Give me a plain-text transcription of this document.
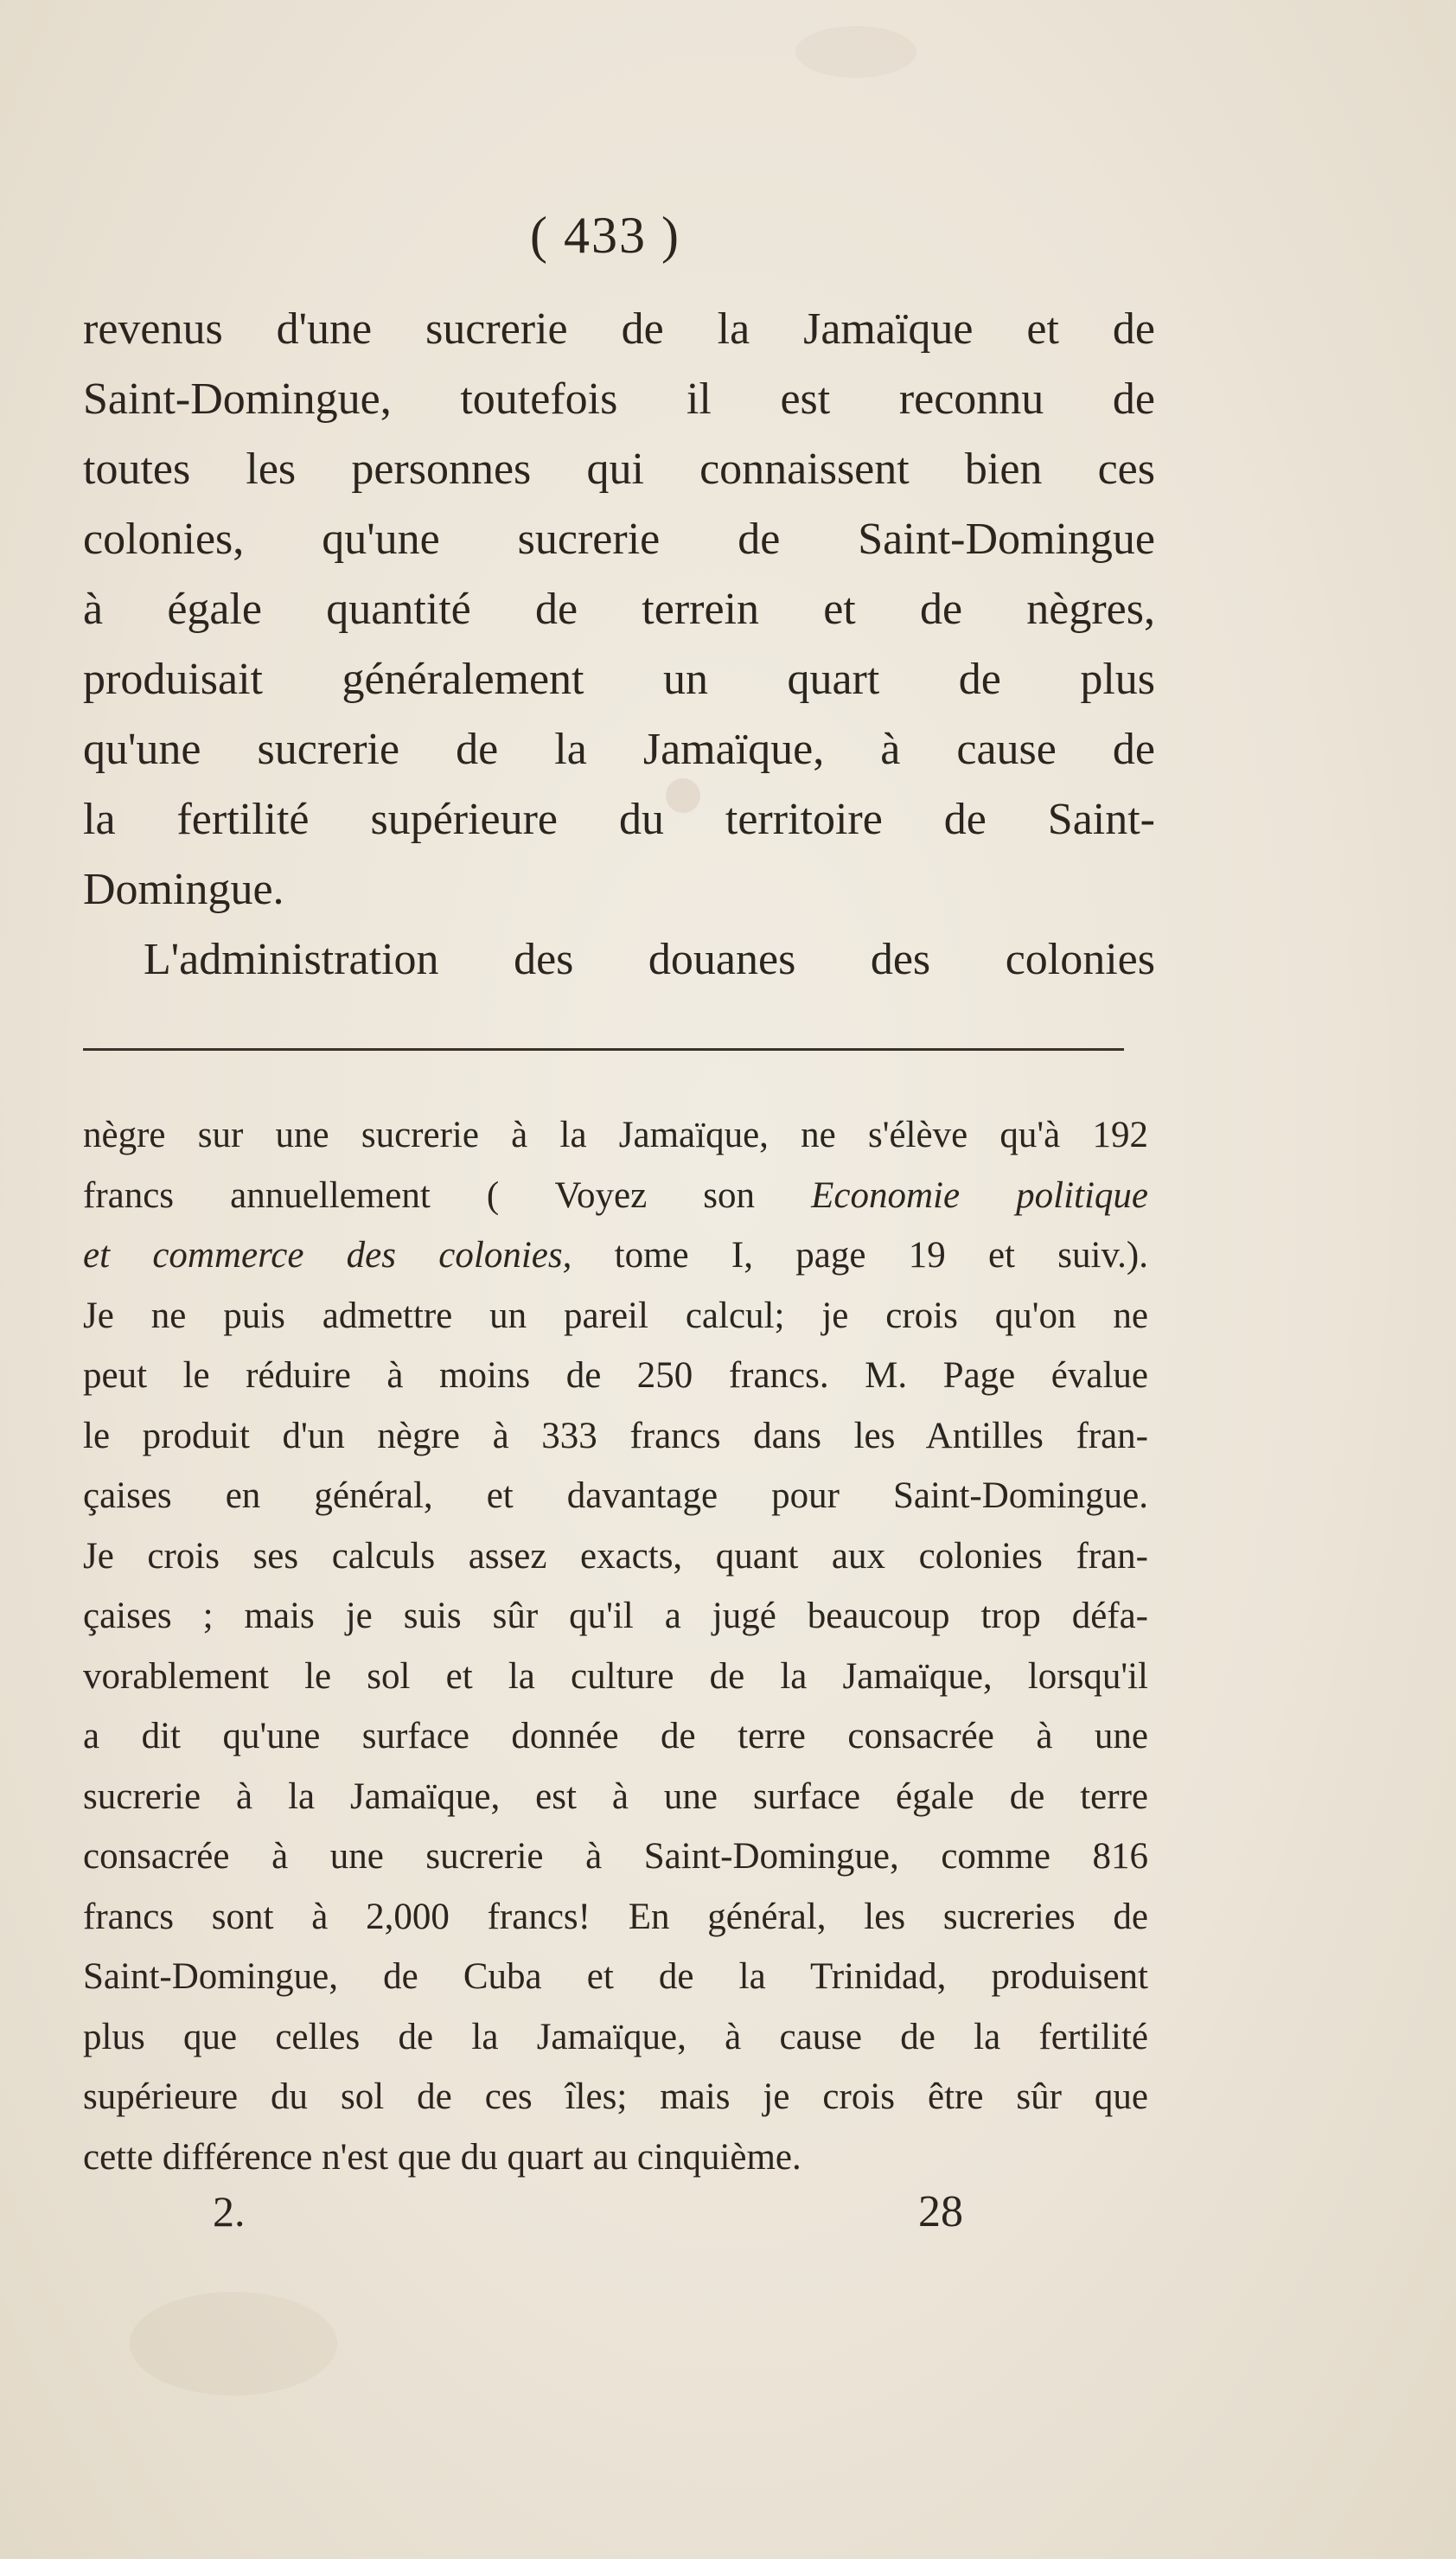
( 433 )
revenus d'une sucrerie de la Jamaïque et de
Saint-Domingue, toutefois il est reconnu de
toutes les personnes qui connaissent bien ces
colonies, qu'une sucrerie de Saint-Domingue
à égale quantité de terrein et de nègres,
produisait généralement un quart de plus
qu'une sucrerie de la Jamaïque, à cause de
la fertilité supérieure du territoire de Saint-
Domingue.
L'administration des douanes des colonies
nègre sur une sucrerie à la Jamaïque, ne s'élève qu'à 192
francs annuellement ( Voyez son Economie politique
et commerce des colonies, tome I, page 19 et suiv.).
Je ne puis admettre un pareil calcul; je crois qu'on ne
peut le réduire à moins de 250 francs. M. Page évalue
le produit d'un nègre à 333 francs dans les Antilles fran-
çaises en général, et davantage pour Saint-Domingue.
Je crois ses calculs assez exacts, quant aux colonies fran-
çaises ; mais je suis sûr qu'il a jugé beaucoup trop défa-
vorablement le sol et la culture de la Jamaïque, lorsqu'il
a dit qu'une surface donnée de terre consacrée à une
sucrerie à la Jamaïque, est à une surface égale de terre
consacrée à une sucrerie à Saint-Domingue, comme 816
francs sont à 2,000 francs! En général, les sucreries de
Saint-Domingue, de Cuba et de la Trinidad, produisent
plus que celles de la Jamaïque, à cause de la fertilité
supérieure du sol de ces îles; mais je crois être sûr que
cette différence n'est que du quart au cinquième.
2.	28
